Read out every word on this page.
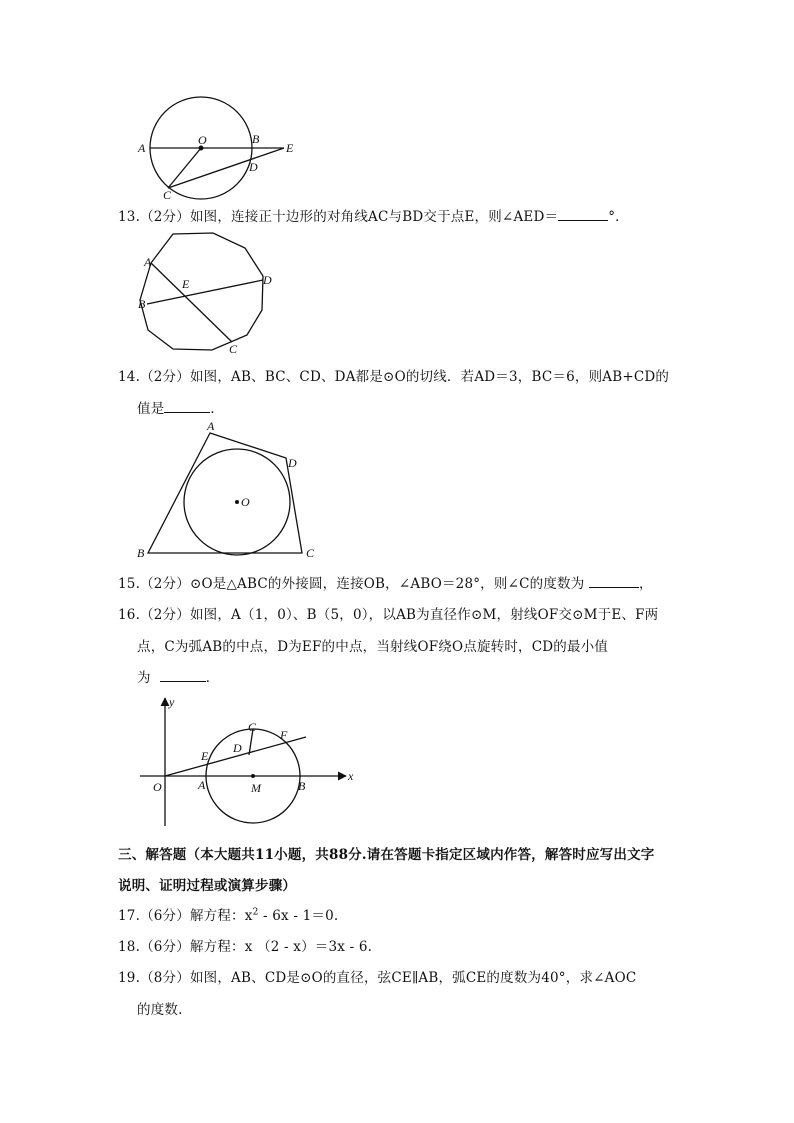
A
O	B
E
D
C
13.（2分）如图，连接正十边形的对角线AC与BD交于点E，则∠AED＝	°．
A
E	D
B
C
14.（2分）如图，AB、BC、CD、DA都是⊙O的切线．若AD＝3，BC＝6，则AB+CD的
值是	．
A
D
O
B	C
15.（2分）⊙O是△ABC的外接圆，连接OB，∠ABO＝28°，则∠C的度数为	，
16.（2分）如图，A（1，0）、B（5，0），以AB为直径作⊙M，射线OF交⊙M于E、F两
点，C为弧AB的中点，D为EF的中点，当射线OF绕O点旋转时，CD的最小值
为	．
y
C
F
E
D
O	A	M	B
x
三、解答题（本大题共11小题，共88分.请在答题卡指定区域内作答，解答时应写出文字
说明、证明过程或演算步骤）
17.（6分）解方程：$x^2 - 6x - 1=0$.
18.（6分）解方程：x （2 - x）＝3x - 6.
19.（8分）如图，AB、CD是⊙O的直径，弦CE∥AB，弧CE的度数为40°，求∠AOC
的度数.
